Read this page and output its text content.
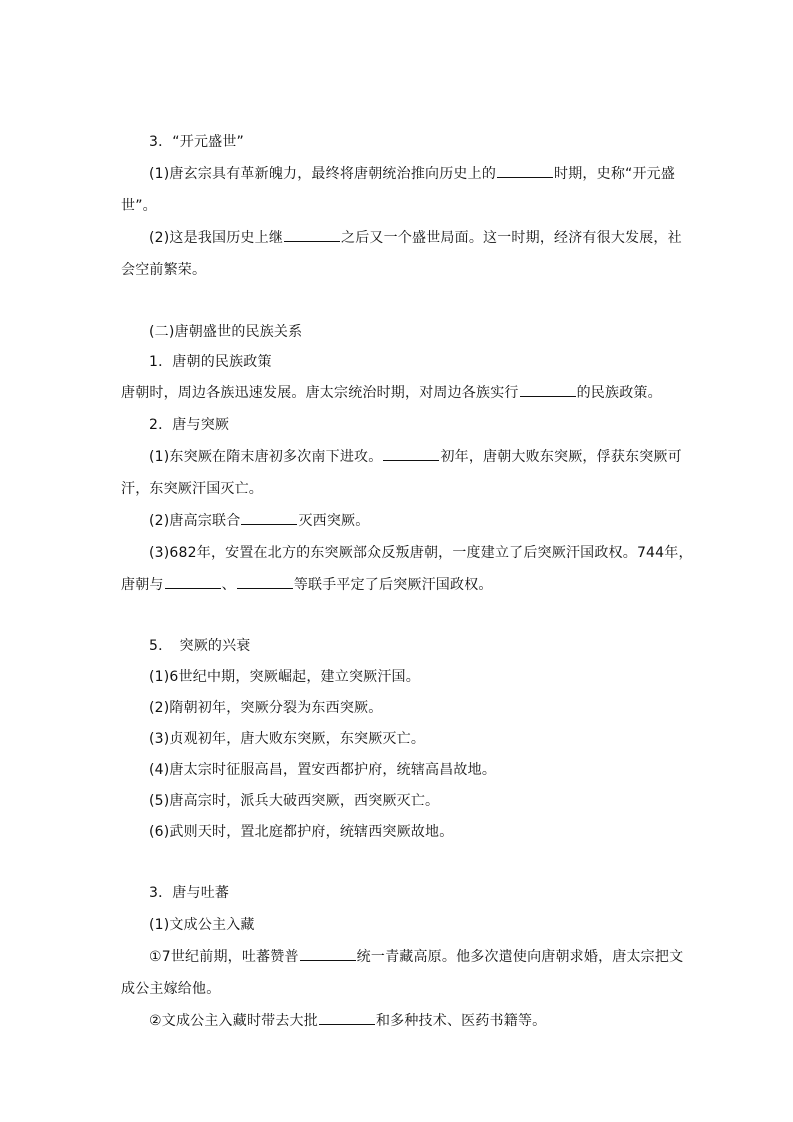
3．“开元盛世”
(1)唐玄宗具有革新魄力，最终将唐朝统治推向历史上的	时期，史称“开元盛
世”。
(2)这是我国历史上继	之后又一个盛世局面。这一时期，经济有很大发展，社
会空前繁荣。
(二)唐朝盛世的民族关系
1．唐朝的民族政策
唐朝时，周边各族迅速发展。唐太宗统治时期，对周边各族实行	的民族政策。
2．唐与突厥
(1)东突厥在隋末唐初多次南下进攻。	初年，唐朝大败东突厥，俘获东突厥可
汗，东突厥汗国灭亡。
(2)唐高宗联合	灭西突厥。
(3)682年，安置在北方的东突厥部众反叛唐朝，一度建立了后突厥汗国政权。744年，
唐朝与	、	等联手平定了后突厥汗国政权。
5．　突厥的兴衰
(1)6世纪中期，突厥崛起，建立突厥汗国。
(2)隋朝初年，突厥分裂为东西突厥。
(3)贞观初年，唐大败东突厥，东突厥灭亡。
(4)唐太宗时征服高昌，置安西都护府，统辖高昌故地。
(5)唐高宗时，派兵大破西突厥，西突厥灭亡。
(6)武则天时，置北庭都护府，统辖西突厥故地。
3．唐与吐蕃
(1)文成公主入藏
①7世纪前期，吐蕃赞普	统一青藏高原。他多次遣使向唐朝求婚，唐太宗把文
成公主嫁给他。
②文成公主入藏时带去大批	和多种技术、医药书籍等。
